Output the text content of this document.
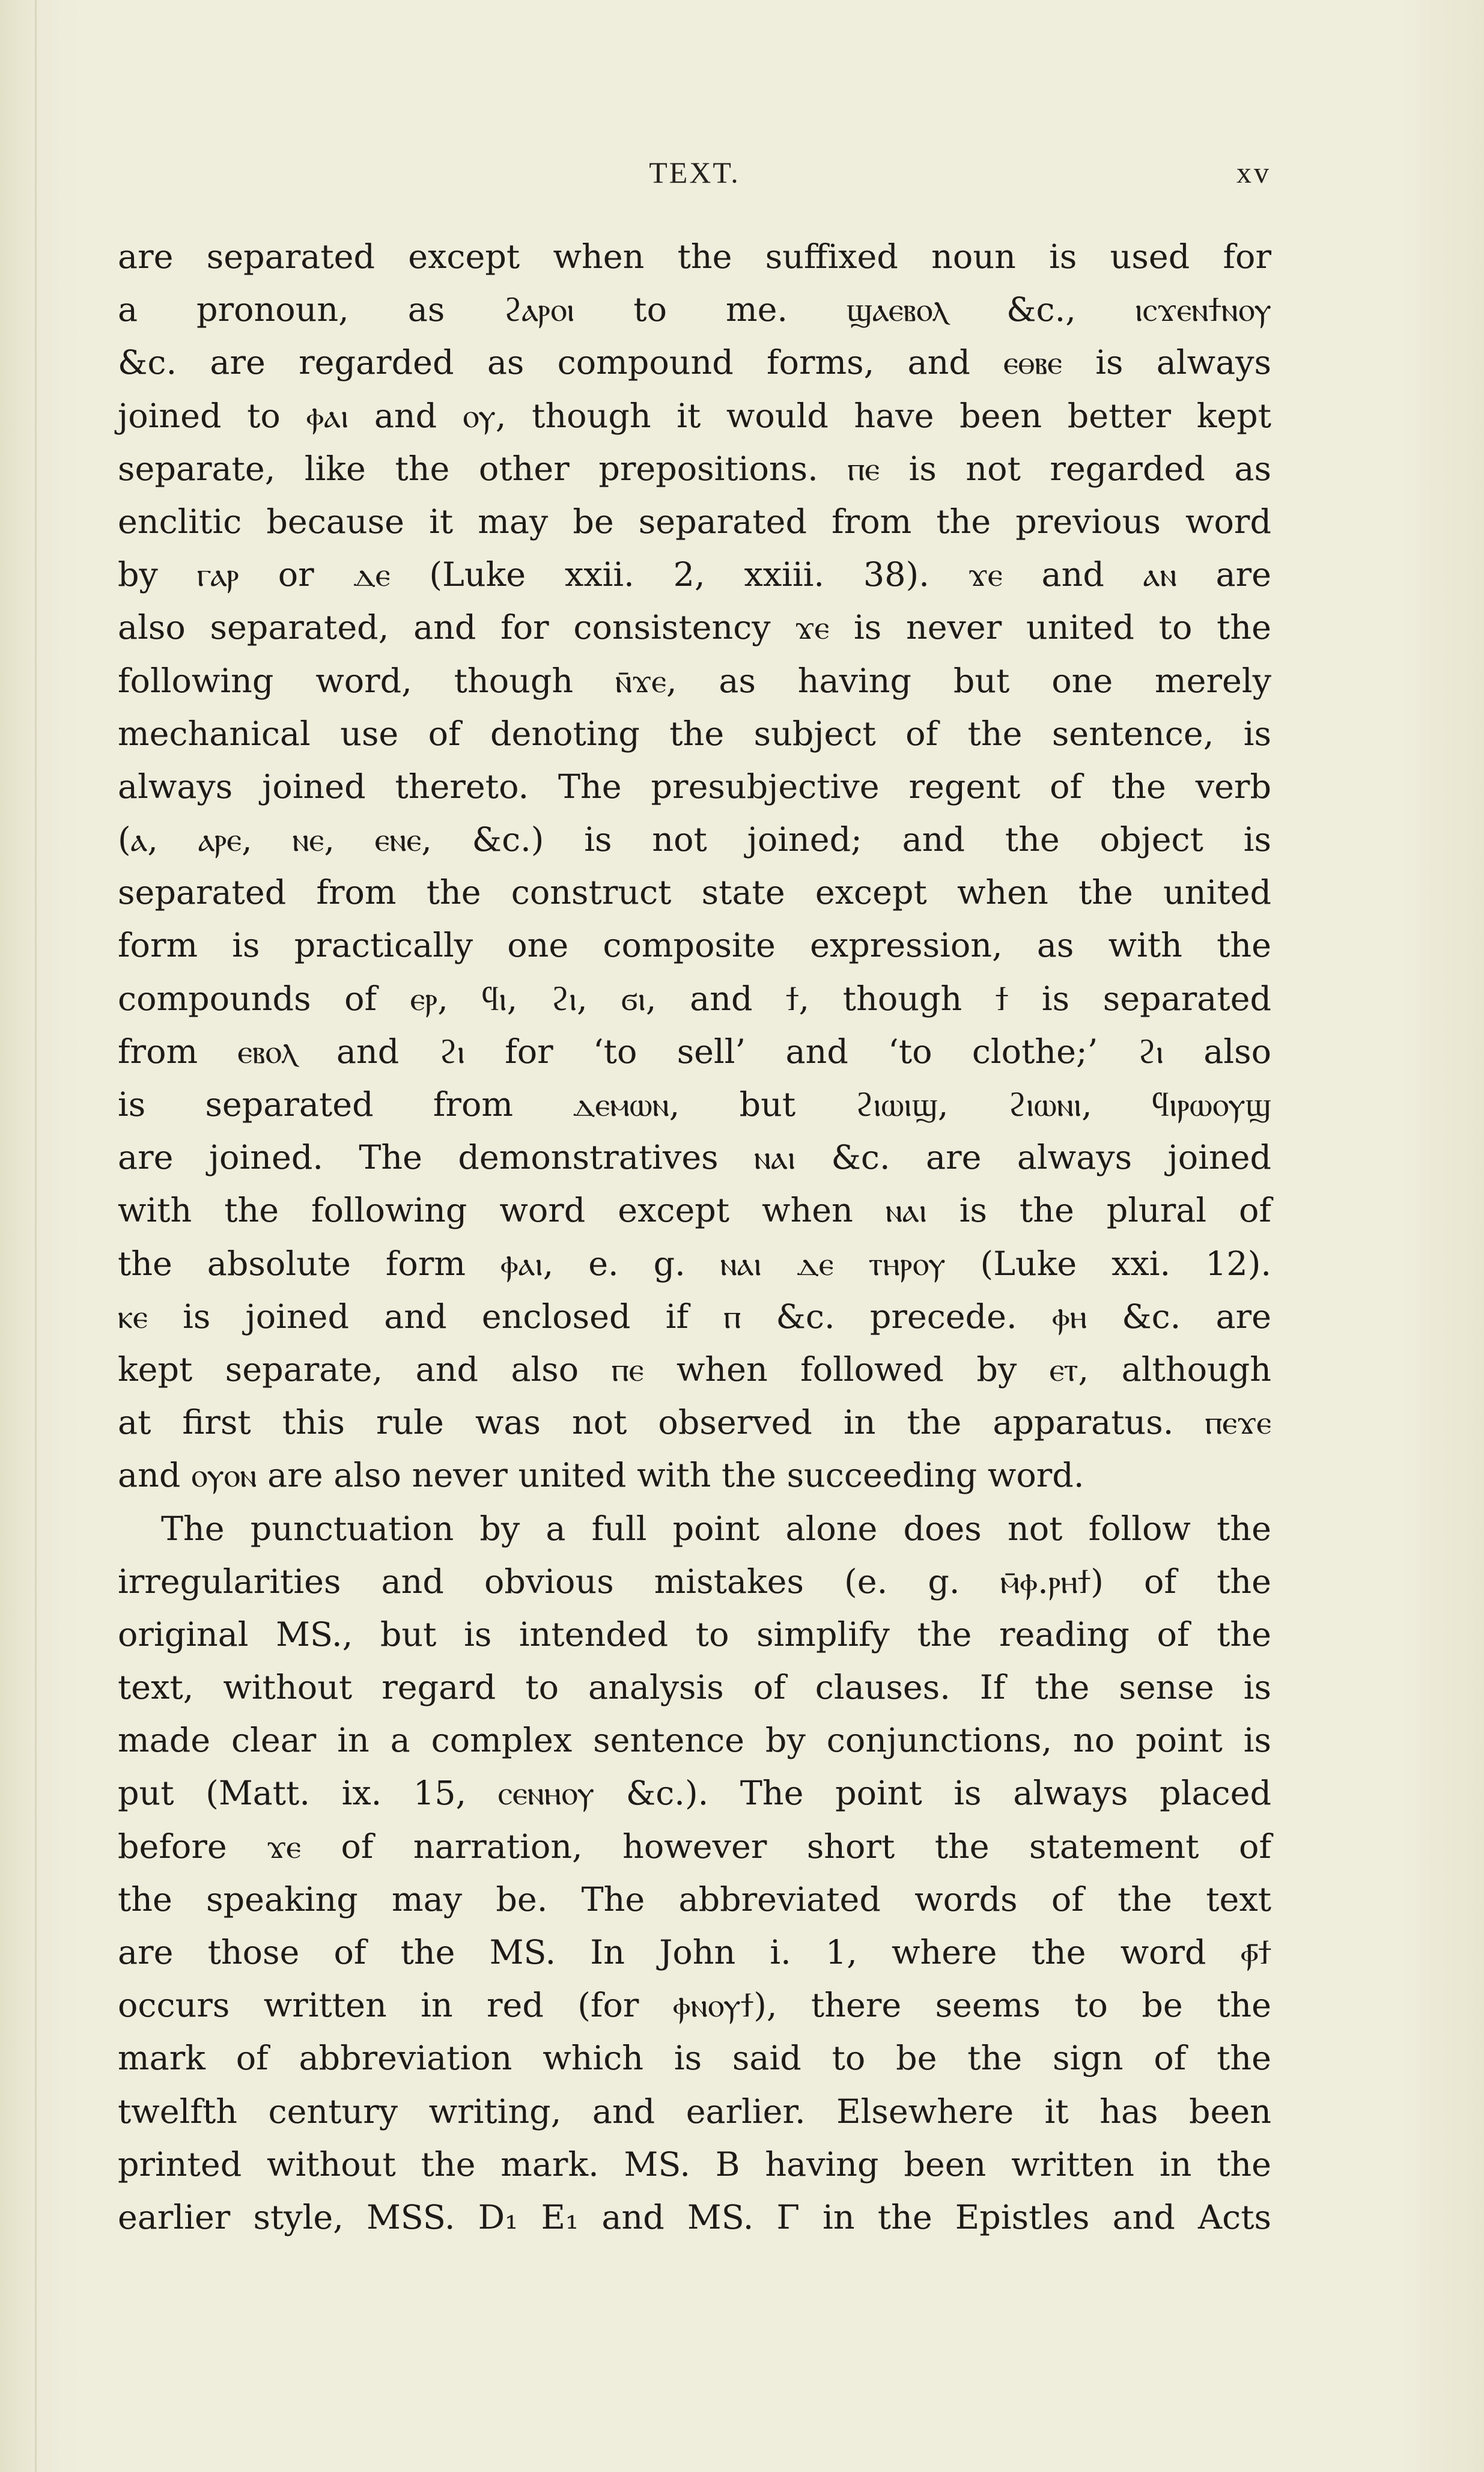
TEXT.	xv
are separated except when the suffixed noun is used for
a pronoun, as ϩⲁⲣⲟⲓ to me. ϣⲁⲉⲃⲟⲗ &c., ⲓⲥϫⲉⲛϯⲛⲟⲩ
&c. are regarded as compound forms, and ⲉⲑⲃⲉ is always
joined to ⲫⲁⲓ and ⲟⲩ, though it would have been better kept
separate, like the other prepositions. ⲡⲉ is not regarded as
enclitic because it may be separated from the previous word
by ⲅⲁⲣ or ⲇⲉ (Luke xxii. 2, xxiii. 38). ϫⲉ and ⲁⲛ are
also separated, and for consistency ϫⲉ is never united to the
following word, though ⲛ̄ϫⲉ, as having but one merely
mechanical use of denoting the subject of the sentence, is
always joined thereto. The presubjective regent of the verb
(ⲁ, ⲁⲣⲉ, ⲛⲉ, ⲉⲛⲉ, &c.) is not joined; and the object is
separated from the construct state except when the united
form is practically one composite expression, as with the
compounds of ⲉⲣ, ϥⲓ, ϩⲓ, ϭⲓ, and ϯ, though ϯ is separated
from ⲉⲃⲟⲗ and ϩⲓ for ‘to sell’ and ‘to clothe;’ ϩⲓ also
is separated from ⲇⲉⲙⲱⲛ, but ϩⲓⲱⲓϣ, ϩⲓⲱⲛⲓ, ϥⲓⲣⲱⲟⲩϣ
are joined. The demonstratives ⲛⲁⲓ &c. are always joined
with the following word except when ⲛⲁⲓ is the plural of
the absolute form ⲫⲁⲓ, e. g. ⲛⲁⲓ ⲇⲉ ⲧⲏⲣⲟⲩ (Luke xxi. 12).
ⲕⲉ is joined and enclosed if ⲡ &c. precede. ⲫⲏ &c. are
kept separate, and also ⲡⲉ when followed by ⲉⲧ, although
at first this rule was not observed in the apparatus. ⲡⲉϫⲉ
and ⲟⲩⲟⲛ are also never united with the succeeding word.
The punctuation by a full point alone does not follow the
irregularities and obvious mistakes (e. g. ⲙ̄ⲫ.ⲣⲏϯ) of the
original MS., but is intended to simplify the reading of the
text, without regard to analysis of clauses. If the sense is
made clear in a complex sentence by conjunctions, no point is
put (Matt. ix. 15, ⲥⲉⲛⲏⲟⲩ &c.). The point is always placed
before ϫⲉ of narration, however short the statement of
the speaking may be. The abbreviated words of the text
are those of the MS. In John i. 1, where the word ⲫ̄ϯ
occurs written in red (for ⲫⲛⲟⲩϯ), there seems to be the
mark of abbreviation which is said to be the sign of the
twelfth century writing, and earlier. Elsewhere it has been
printed without the mark. MS. B having been written in the
earlier style, MSS. D₁ E₁ and MS. Γ in the Epistles and Acts
